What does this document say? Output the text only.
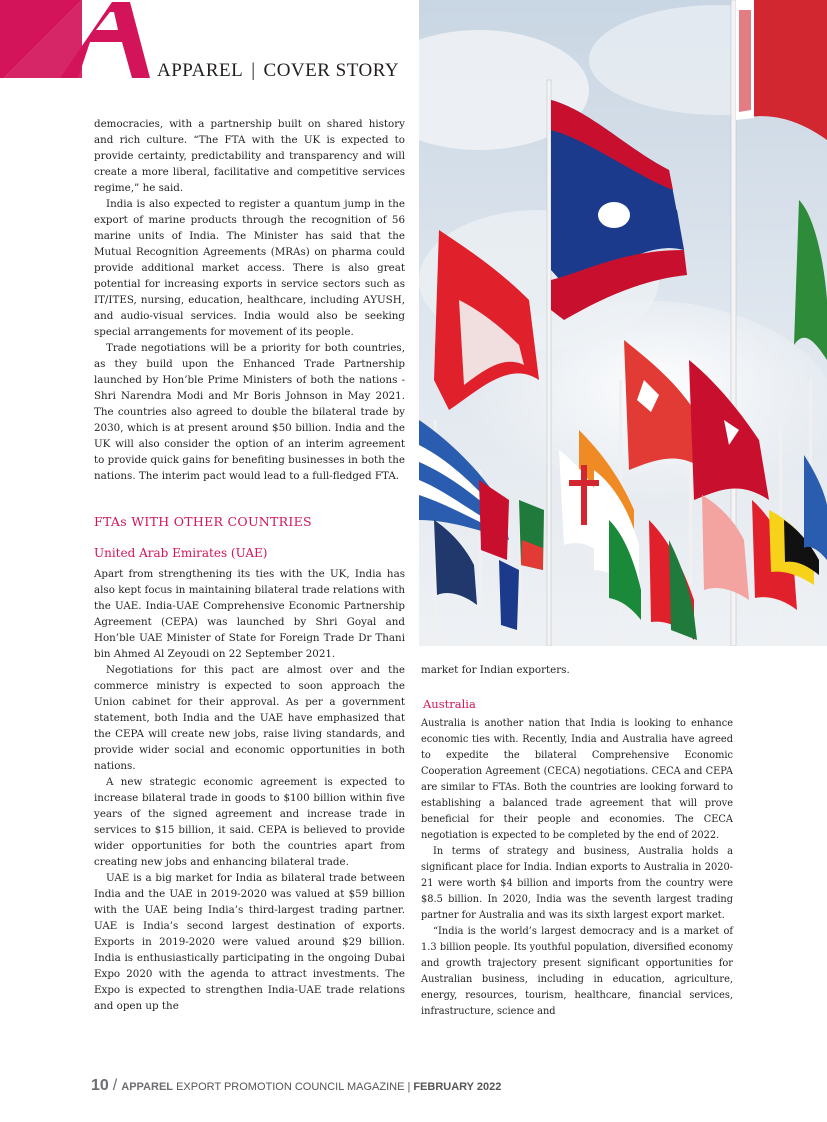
APPAREL | COVER STORY

democracies, with a partnership built on shared history and rich culture. “The FTA with the UK is expected to provide certainty, predictability and transparency and will create a more liberal, facilitative and competitive services regime,” he said.

India is also expected to register a quantum jump in the export of marine products through the recognition of 56 marine units of India. The Minister has said that the Mutual Recognition Agreements (MRAs) on pharma could provide additional market access. There is also great potential for increasing exports in service sectors such as IT/ITES, nursing, education, healthcare, including AYUSH, and audio-visual services. India would also be seeking special arrangements for movement of its people.

Trade negotiations will be a priority for both countries, as they build upon the Enhanced Trade Partnership launched by Hon’ble Prime Ministers of both the nations - Shri Narendra Modi and Mr Boris Johnson in May 2021. The countries also agreed to double the bilateral trade by 2030, which is at present around $50 billion. India and the UK will also consider the option of an interim agreement to provide quick gains for benefiting businesses in both the nations. The interim pact would lead to a full-fledged FTA.

FTAs WITH OTHER COUNTRIES
United Arab Emirates (UAE)

Apart from strengthening its ties with the UK, India has also kept focus in maintaining bilateral trade relations with the UAE. India-UAE Comprehensive Economic Partnership Agreement (CEPA) was launched by Shri Goyal and Hon’ble UAE Minister of State for Foreign Trade Dr Thani bin Ahmed Al Zeyoudi on 22 September 2021.

Negotiations for this pact are almost over and the commerce ministry is expected to soon approach the Union cabinet for their approval. As per a government statement, both India and the UAE have emphasized that the CEPA will create new jobs, raise living standards, and provide wider social and economic opportunities in both nations.

A new strategic economic agreement is expected to increase bilateral trade in goods to $100 billion within five years of the signed agreement and increase trade in services to $15 billion, it said. CEPA is believed to provide wider opportunities for both the countries apart from creating new jobs and enhancing bilateral trade.

UAE is a big market for India as bilateral trade between India and the UAE in 2019-2020 was valued at $59 billion with the UAE being India’s third-largest trading partner. UAE is India’s second largest destination of exports. Exports in 2019-2020 were valued around $29 billion. India is enthusiastically participating in the ongoing Dubai Expo 2020 with the agenda to attract investments. The Expo is expected to strengthen India-UAE trade relations and open up the

market for Indian exporters.
Australia

Australia is another nation that India is looking to enhance economic ties with. Recently, India and Australia have agreed to expedite the bilateral Comprehensive Economic Cooperation Agreement (CECA) negotiations. CECA and CEPA are similar to FTAs. Both the countries are looking forward to establishing a balanced trade agreement that will prove beneficial for their people and economies. The CECA negotiation is expected to be completed by the end of 2022.

In terms of strategy and business, Australia holds a significant place for India. Indian exports to Australia in 2020-21 were worth $4 billion and imports from the country were $8.5 billion. In 2020, India was the seventh largest trading partner for Australia and was its sixth largest export market.

“India is the world’s largest democracy and is a market of 1.3 billion people. Its youthful population, diversified economy and growth trajectory present significant opportunities for Australian business, including in education, agriculture, energy, resources, tourism, healthcare, financial services, infrastructure, science and

10 / APPAREL EXPORT PROMOTION COUNCIL MAGAZINE | FEBRUARY 2022
